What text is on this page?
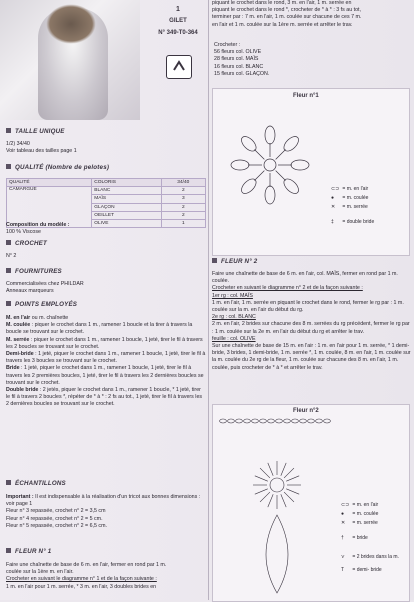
1
GILET
N° 349-T0-364

piquant le crochet dans le rond, 3 m. en l'air, 1 m. serrée en

piquant le crochet dans le rond *, crocheter de * à * : 3 fs au tot,

terminer par : 7 m. en l'air, 1 m. coulée sur chacune de ces 7 m.

en l'air et 1 m. coulée sur la 1ère m. serrée et arrêter le trav.

Crocheter :

56 fleurs col. OLIVE

28 fleurs col. MAÏS

16 fleurs col. BLANC

15 fleurs col. GLAÇON.

TAILLE UNIQUE

1/2) 34/40

Voir tableau des tailles page 1

QUALITÉ (Nombre de pelotes)
QUALITÉ	COLORIS	34/40
CAMARGUE	BLANC	2
	MAÏS	3
	GLAÇON	2
	OEILLET	2
	OLIVE	1

Composition du modèle :

100 % Viscose

CROCHET
N° 2
FOURNITURES

Commercialisées chez PHILDAR

Anneaux marqueurs

POINTS EMPLOYÉS

M. en l'air ou m. chaînette

M. coulée : piquer le crochet dans 1 m., ramener 1 boucle et la tirer à travers la boucle se trouvant sur le crochet.

M. serrée : piquer le crochet dans 1 m., ramener 1 boucle, 1 jeté, tirer le fil à travers les 2 boucles se trouvant sur le crochet.

Demi-bride : 1 jeté, piquer le crochet dans 1 m., ramener 1 boucle, 1 jeté, tirer le fil à travers les 3 boucles se trouvant sur le crochet.

Bride : 1 jeté, piquer le crochet dans 1 m., ramener 1 boucle, 1 jeté, tirer le fil à travers les 2 premières boucles, 1 jeté, tirer le fil à travers les 2 dernières boucles se trouvant sur le crochet.

Double bride : 2 jetés, piquer le crochet dans 1 m., ramener 1 boucle, * 1 jeté, tirer le fil à travers 2 boucles *, répéter de * à * : 2 fs au tot., 1 jeté, tirer le fil à travers les 2 dernières boucles se trouvant sur le crochet.

ÉCHANTILLONS

Important : Il est indispensable à la réalisation d'un tricot aux bonnes dimensions : voir page 1

Fleur n° 3 repassée, crochet n° 2 = 3,5 cm

Fleur n° 4 repassée, crochet n° 2 = 5 cm.

Fleur n° 5 repassée, crochet n° 2 = 6,5 cm.

FLEUR N° 1

Faire une chaînette de base de 6 m. en l'air, fermer en rond par 1 m.

coulée sur la 1ère m. en l'air.

Crocheter en suivant le diagramme n° 1 et de la façon suivante :

1 m. en l'air pour 1 m. serrée, * 3 m. en l'air, 3 doubles brides en

Fleur n°1
⊂⊃ = m. en l'air
● = m. coulée
✕ = m. serrée
‡ = double bride
FLEUR N° 2

Faire une chaînette de base de 6 m. en l'air, col. MAÏS, fermer en rond par 1 m. coulée.

Crocheter en suivant le diagramme n° 2 et de la façon suivante :

1er rg : col. MAÏS

1 m. en l'air, 1 m. serrée en piquant le crochet dans le rond, fermer le rg par : 1 m. coulée sur la m. en l'air du début du rg.

2e rg : col. BLANC

2 m. en l'air, 2 brides sur chacune des 8 m. serrées du rg précédent, fermer le rg par : 1 m. coulée sur la 2e m. en l'air du début du rg et arrêter le trav.

feuille : col. OLIVE

Sur une chaînette de base de 15 m. en l'air : 1 m. en l'air pour 1 m. serrée, * 1 demi-bride, 3 brides, 1 demi-bride, 1 m. serrée *, 1 m. coulée, 8 m. en l'air, 1 m. coulée sur la m. coulée du 2e rg de la fleur, 1 m. coulée sur chacune des 8 m. en l'air, 1 m. coulée, puis crocheter de * à * et arrêter le trav.

Fleur n°2
⊂⊃ = m. en l'air
● = m. coulée
✕ = m. serrée
† = bride
⋎ = 2 brides dans la m.
T = demi- bride
